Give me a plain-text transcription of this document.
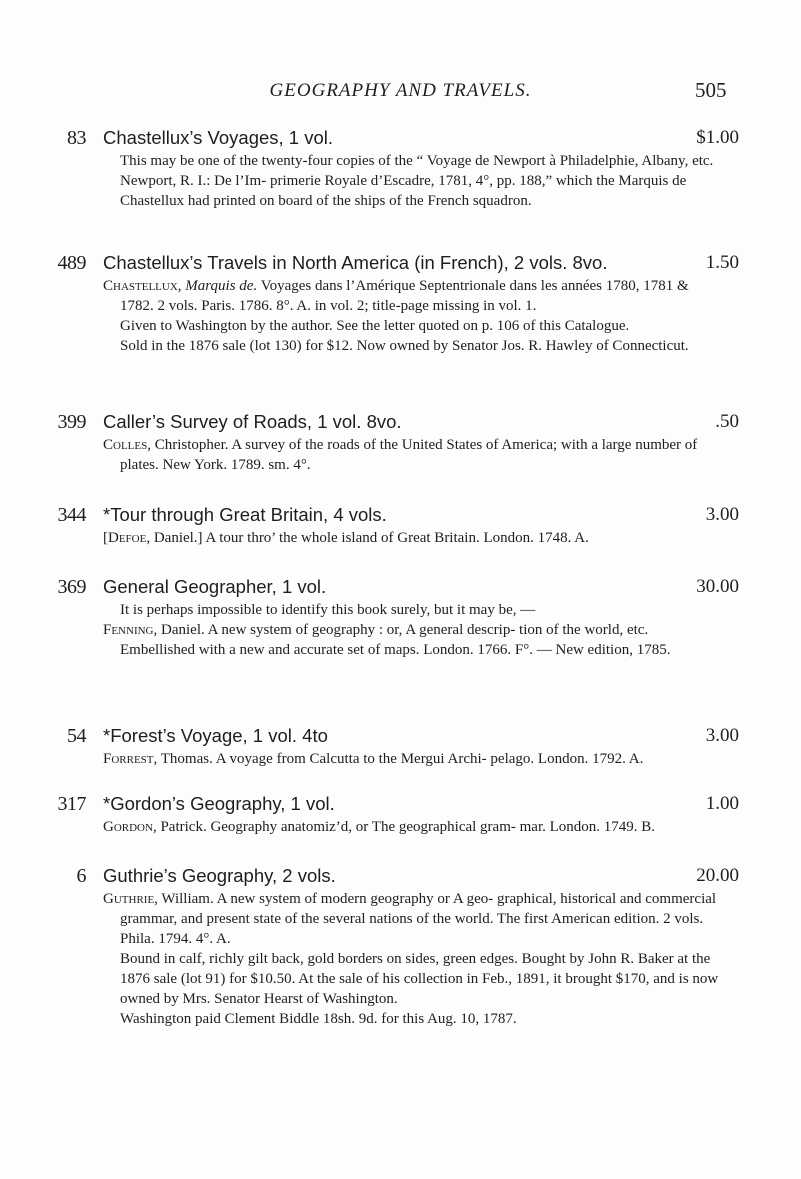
GEOGRAPHY AND TRAVELS.	505
83 Chastellux’s Voyages, 1 vol.	$1.00

This may be one of the twenty-four copies of the “ Voyage de Newport à Philadelphie, Albany, etc. Newport, R. I.: De l’Im- primerie Royale d’Escadre, 1781, 4°, pp. 188,” which the Marquis de Chastellux had printed on board of the ships of the French squadron.

489 Chastellux’s Travels in North America (in French), 2 vols. 8vo.	1.50

Chastellux, Marquis de. Voyages dans l’Amérique Septentrionale dans les années 1780, 1781 & 1782. 2 vols. Paris. 1786. 8°. A. in vol. 2; title-page missing in vol. 1.

Given to Washington by the author. See the letter quoted on p. 106 of this Catalogue.

Sold in the 1876 sale (lot 130) for $12. Now owned by Senator Jos. R. Hawley of Connecticut.

399 Caller’s Survey of Roads, 1 vol. 8vo.	.50

Colles, Christopher. A survey of the roads of the United States of America; with a large number of plates. New York. 1789. sm. 4°.

344 *Tour through Great Britain, 4 vols.	3.00

[Defoe, Daniel.] A tour thro’ the whole island of Great Britain. London. 1748. A.

369 General Geographer, 1 vol.	30.00

It is perhaps impossible to identify this book surely, but it may be, —

Fenning, Daniel. A new system of geography : or, A general descrip- tion of the world, etc. Embellished with a new and accurate set of maps. London. 1766. F°. — New edition, 1785.

54 *Forest’s Voyage, 1 vol. 4to	3.00

Forrest, Thomas. A voyage from Calcutta to the Mergui Archi- pelago. London. 1792. A.

317 *Gordon’s Geography, 1 vol.	1.00

Gordon, Patrick. Geography anatomiz’d, or The geographical gram- mar. London. 1749. B.

6 Guthrie’s Geography, 2 vols.	20.00

Guthrie, William. A new system of modern geography or A geo- graphical, historical and commercial grammar, and present state of the several nations of the world. The first American edition. 2 vols. Phila. 1794. 4°. A.

Bound in calf, richly gilt back, gold borders on sides, green edges. Bought by John R. Baker at the 1876 sale (lot 91) for $10.50. At the sale of his collection in Feb., 1891, it brought $170, and is now owned by Mrs. Senator Hearst of Washington.

Washington paid Clement Biddle 18sh. 9d. for this Aug. 10, 1787.
